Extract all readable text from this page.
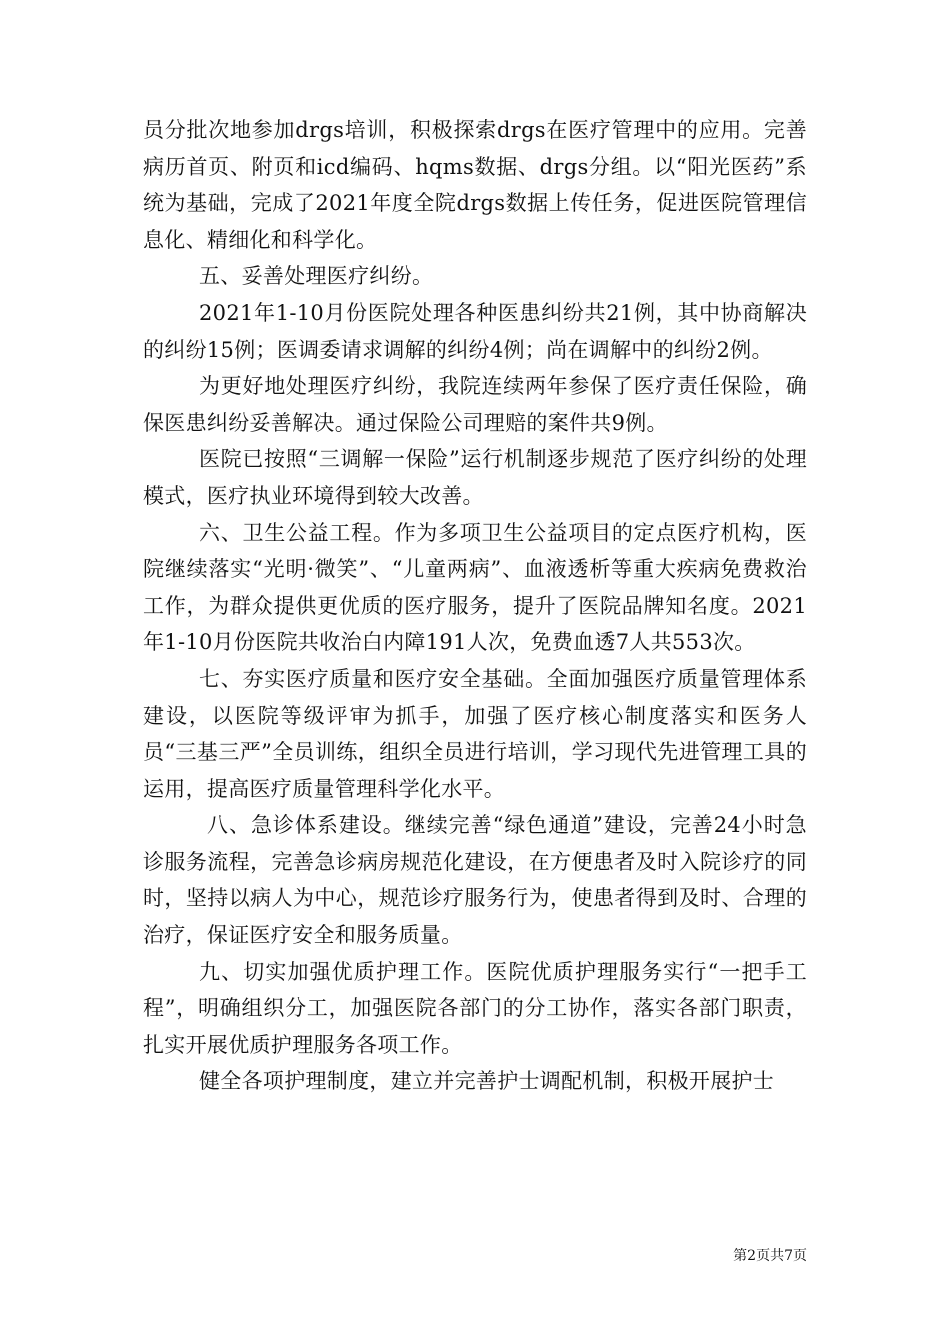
员分批次地参加drgs培训，积极探索drgs在医疗管理中的应用。完善病历首页、附页和icd编码、hqms数据、drgs分组。以“阳光医药”系统为基础，完成了2021年度全院drgs数据上传任务，促进医院管理信息化、精细化和科学化。

五、妥善处理医疗纠纷。

2021年1-10月份医院处理各种医患纠纷共21例，其中协商解决的纠纷15例；医调委请求调解的纠纷4例；尚在调解中的纠纷2例。

为更好地处理医疗纠纷，我院连续两年参保了医疗责任保险，确保医患纠纷妥善解决。通过保险公司理赔的案件共9例。

医院已按照“三调解一保险”运行机制逐步规范了医疗纠纷的处理模式，医疗执业环境得到较大改善。

六、卫生公益工程。作为多项卫生公益项目的定点医疗机构，医院继续落实“光明·微笑”、“儿童两病”、血液透析等重大疾病免费救治工作，为群众提供更优质的医疗服务，提升了医院品牌知名度。2021年1-10月份医院共收治白内障191人次，免费血透7人共553次。

七、夯实医疗质量和医疗安全基础。全面加强医疗质量管理体系建设，以医院等级评审为抓手，加强了医疗核心制度落实和医务人员“三基三严”全员训练，组织全员进行培训，学习现代先进管理工具的运用，提高医疗质量管理科学化水平。

八、急诊体系建设。继续完善“绿色通道”建设，完善24小时急诊服务流程，完善急诊病房规范化建设，在方便患者及时入院诊疗的同时，坚持以病人为中心，规范诊疗服务行为，使患者得到及时、合理的治疗，保证医疗安全和服务质量。

九、切实加强优质护理工作。医院优质护理服务实行“一把手工程”，明确组织分工，加强医院各部门的分工协作，落实各部门职责，扎实开展优质护理服务各项工作。

健全各项护理制度，建立并完善护士调配机制，积极开展护士

第2页共7页
